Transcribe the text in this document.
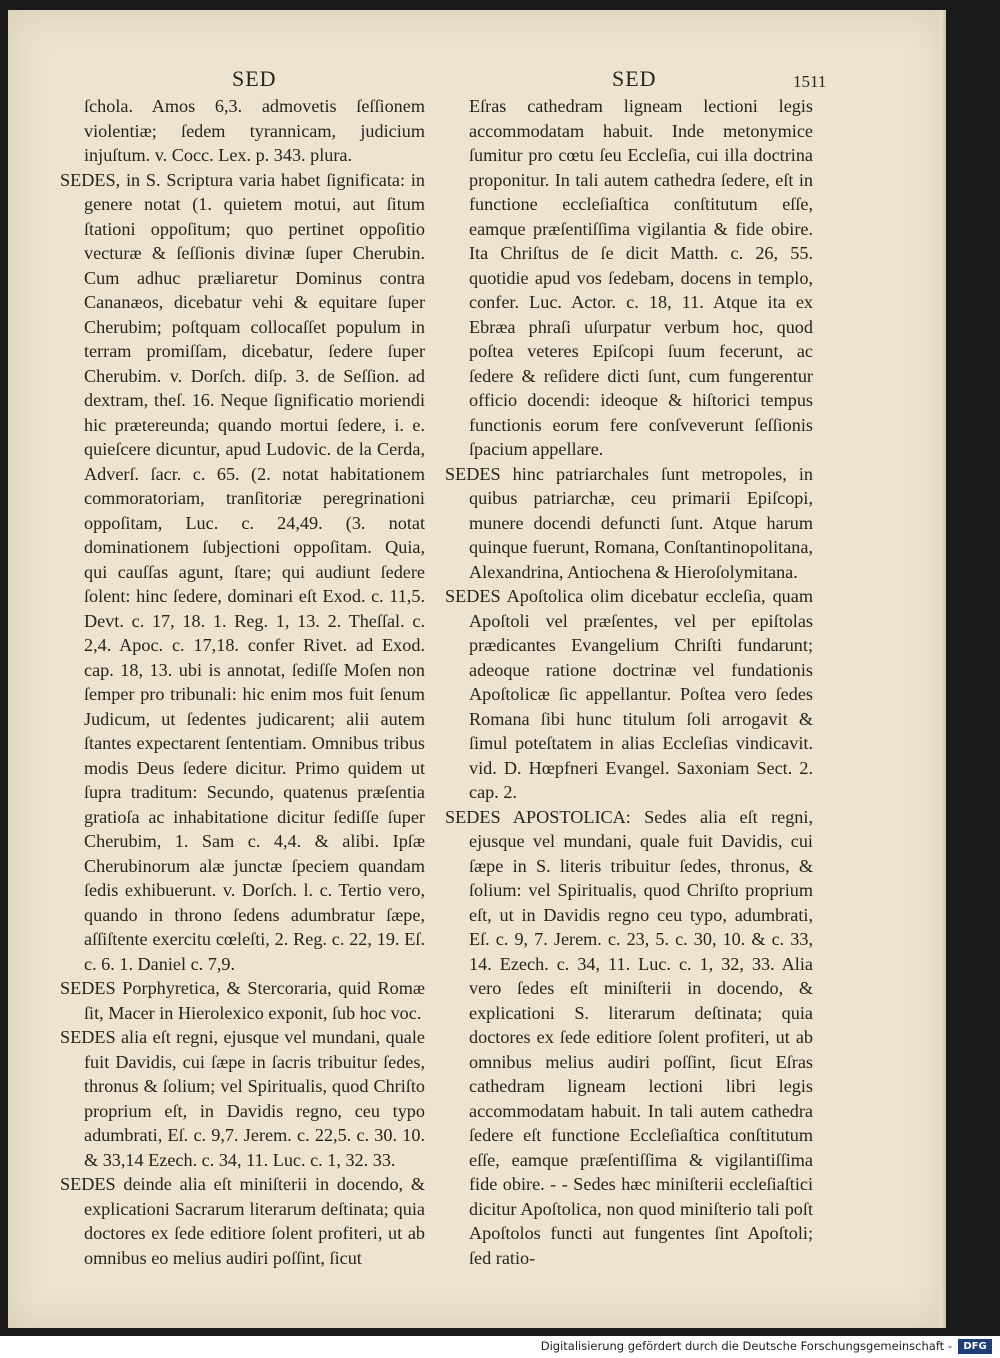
SED	SED	1511

ſchola. Amos 6,3. admovetis ſeſſionem violentiæ; ſedem tyrannicam, judicium injuſtum. v. Cocc. Lex. p. 343. plura.

SEDES, in S. Scriptura varia habet ſignificata: in genere notat (1. quietem motui, aut ſitum ſtationi oppoſitum; quo pertinet oppoſitio vecturæ & ſeſſionis divinæ ſuper Cherubin. Cum adhuc præliaretur Dominus contra Cananæos, dicebatur vehi & equitare ſuper Cherubim; poſtquam collocaſſet populum in terram promiſſam, dicebatur, ſedere ſuper Cherubim. v. Dorſch. diſp. 3. de Seſſion. ad dextram, theſ. 16. Neque ſignificatio moriendi hic prætereunda; quando mortui ſedere, i. e. quieſcere dicuntur, apud Ludovic. de la Cerda, Adverſ. ſacr. c. 65. (2. notat habitationem commoratoriam, tranſitoriæ peregrinationi oppoſitam, Luc. c. 24,49. (3. notat dominationem ſubjectioni oppoſitam. Quia, qui cauſſas agunt, ſtare; qui audiunt ſedere ſolent: hinc ſedere, dominari eſt Exod. c. 11,5. Devt. c. 17, 18. 1. Reg. 1, 13. 2. Theſſal. c. 2,4. Apoc. c. 17,18. confer Rivet. ad Exod. cap. 18, 13. ubi is annotat, ſediſſe Moſen non ſemper pro tribunali: hic enim mos fuit ſenum Judicum, ut ſedentes judicarent; alii autem ſtantes expectarent ſententiam. Omnibus tribus modis Deus ſedere dicitur. Primo quidem ut ſupra traditum: Secundo, quatenus præſentia gratioſa ac inhabitatione dicitur ſediſſe ſuper Cherubim, 1. Sam c. 4,4. & alibi. Ipſæ Cherubinorum alæ junctæ ſpeciem quandam ſedis exhibuerunt. v. Dorſch. l. c. Tertio vero, quando in throno ſedens adumbratur ſæpe, aſſiſtente exercitu cœleſti, 2. Reg. c. 22, 19. Eſ. c. 6. 1. Daniel c. 7,9.

SEDES Porphyretica, & Stercoraria, quid Romæ ſit, Macer in Hierolexico exponit, ſub hoc voc.

SEDES alia eſt regni, ejusque vel mundani, quale fuit Davidis, cui ſæpe in ſacris tribuitur ſedes, thronus & ſolium; vel Spiritualis, quod Chriſto proprium eſt, in Davidis regno, ceu typo adumbrati, Eſ. c. 9,7. Jerem. c. 22,5. c. 30. 10. & 33,14 Ezech. c. 34, 11. Luc. c. 1, 32. 33.

SEDES deinde alia eſt miniſterii in docendo, & explicationi Sacrarum literarum deſtinata; quia doctores ex ſede editiore ſolent profiteri, ut ab omnibus eo melius audiri poſſint, ſicut

Eſras cathedram ligneam lectioni legis accommodatam habuit. Inde metonymice ſumitur pro cœtu ſeu Eccleſia, cui illa doctrina proponitur. In tali autem cathedra ſedere, eſt in functione eccleſiaſtica conſtitutum eſſe, eamque præſentiſſima vigilantia & fide obire. Ita Chriſtus de ſe dicit Matth. c. 26, 55. quotidie apud vos ſedebam, docens in templo, confer. Luc. Actor. c. 18, 11. Atque ita ex Ebræa phraſi uſurpatur verbum hoc, quod poſtea veteres Epiſcopi ſuum fecerunt, ac ſedere & reſidere dicti ſunt, cum fungerentur officio docendi: ideoque & hiſtorici tempus functionis eorum fere conſveverunt ſeſſionis ſpacium appellare.

SEDES hinc patriarchales ſunt metropoles, in quibus patriarchæ, ceu primarii Epiſcopi, munere docendi defuncti ſunt. Atque harum quinque fuerunt, Romana, Conſtantinopolitana, Alexandrina, Antiochena & Hieroſolymitana.

SEDES Apoſtolica olim dicebatur eccleſia, quam Apoſtoli vel præſentes, vel per epiſtolas prædicantes Evangelium Chriſti fundarunt; adeoque ratione doctrinæ vel fundationis Apoſtolicæ ſic appellantur. Poſtea vero ſedes Romana ſibi hunc titulum ſoli arrogavit & ſimul poteſtatem in alias Eccleſias vindicavit. vid. D. Hœpfneri Evangel. Saxoniam Sect. 2. cap. 2.

SEDES APOSTOLICA: Sedes alia eſt regni, ejusque vel mundani, quale fuit Davidis, cui ſæpe in S. literis tribuitur ſedes, thronus, & ſolium: vel Spiritualis, quod Chriſto proprium eſt, ut in Davidis regno ceu typo, adumbrati, Eſ. c. 9, 7. Jerem. c. 23, 5. c. 30, 10. & c. 33, 14. Ezech. c. 34, 11. Luc. c. 1, 32, 33. Alia vero ſedes eſt miniſterii in docendo, & explicationi S. literarum deſtinata; quia doctores ex ſede editiore ſolent profiteri, ut ab omnibus melius audiri poſſint, ſicut Eſras cathedram ligneam lectioni libri legis accommodatam habuit. In tali autem cathedra ſedere eſt functione Eccleſiaſtica conſtitutum eſſe, eamque præſentiſſima & vigilantiſſima fide obire. - - Sedes hæc miniſterii eccleſiaſtici dicitur Apoſtolica, non quod miniſterio tali poſt Apoſtolos functi aut fungentes ſint Apoſtoli; ſed ratio-

Digitalisierung gefördert durch die Deutsche Forschungsgemeinschaft -	DFG
